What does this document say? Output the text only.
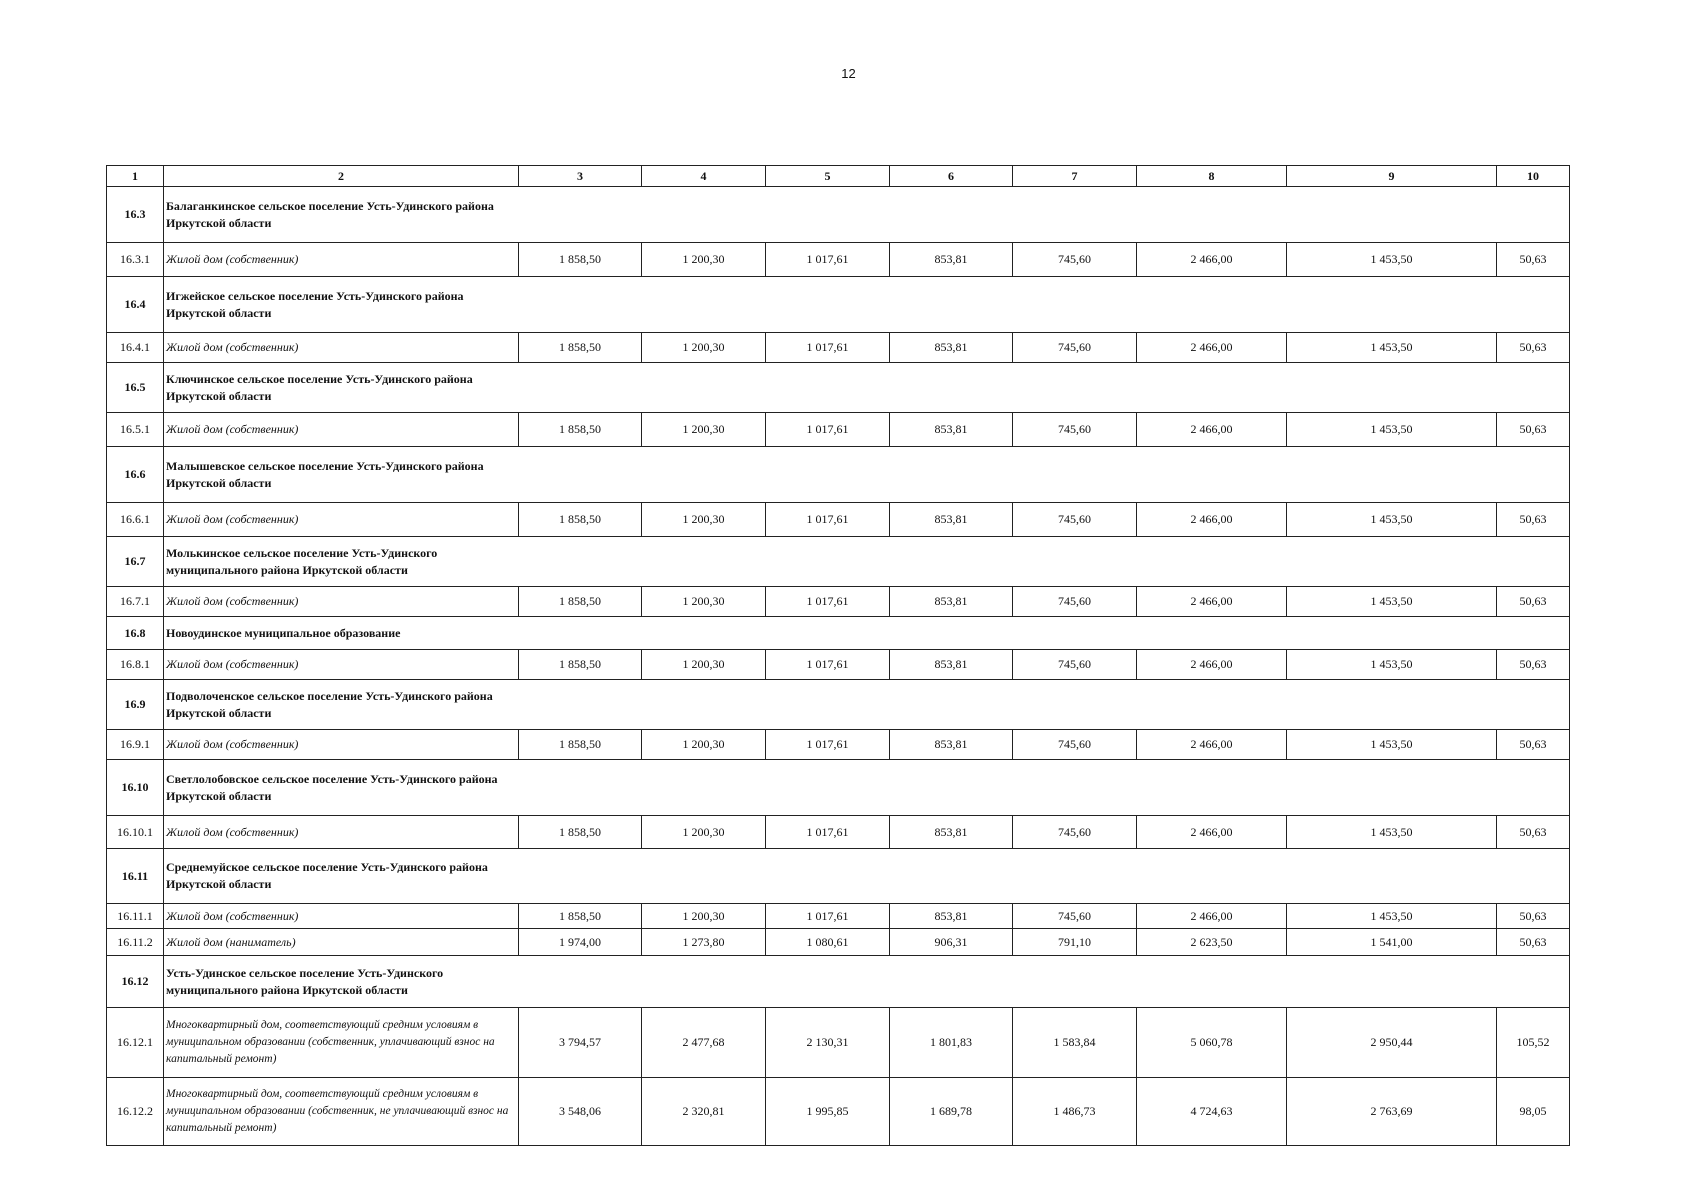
12
1	2	3	4	5	6	7	8	9	10
16.3	Балаганкинское сельское поселение Усть-Удинского района Иркутской области								
16.3.1	Жилой дом (собственник)	1 858,50	1 200,30	1 017,61	853,81	745,60	2 466,00	1 453,50	50,63
16.4	Игжейское сельское поселение Усть-Удинского района Иркутской области								
16.4.1	Жилой дом (собственник)	1 858,50	1 200,30	1 017,61	853,81	745,60	2 466,00	1 453,50	50,63
16.5	Ключинское сельское поселение Усть-Удинского района Иркутской области								
16.5.1	Жилой дом (собственник)	1 858,50	1 200,30	1 017,61	853,81	745,60	2 466,00	1 453,50	50,63
16.6	Малышевское сельское поселение Усть-Удинского района Иркутской области								
16.6.1	Жилой дом (собственник)	1 858,50	1 200,30	1 017,61	853,81	745,60	2 466,00	1 453,50	50,63
16.7	Молькинское сельское поселение Усть-Удинского муниципального района Иркутской области								
16.7.1	Жилой дом (собственник)	1 858,50	1 200,30	1 017,61	853,81	745,60	2 466,00	1 453,50	50,63
16.8	Новоудинское муниципальное образование								
16.8.1	Жилой дом (собственник)	1 858,50	1 200,30	1 017,61	853,81	745,60	2 466,00	1 453,50	50,63
16.9	Подволоченское сельское поселение Усть-Удинского района Иркутской области								
16.9.1	Жилой дом (собственник)	1 858,50	1 200,30	1 017,61	853,81	745,60	2 466,00	1 453,50	50,63
16.10	Светлолобовское сельское поселение Усть-Удинского района Иркутской области								
16.10.1	Жилой дом (собственник)	1 858,50	1 200,30	1 017,61	853,81	745,60	2 466,00	1 453,50	50,63
16.11	Среднемуйское сельское поселение Усть-Удинского района Иркутской области								
16.11.1	Жилой дом (собственник)	1 858,50	1 200,30	1 017,61	853,81	745,60	2 466,00	1 453,50	50,63
16.11.2	Жилой дом (наниматель)	1 974,00	1 273,80	1 080,61	906,31	791,10	2 623,50	1 541,00	50,63
16.12	Усть-Удинское сельское поселение Усть-Удинского муниципального района Иркутской области								
16.12.1	Многоквартирный дом, соответствующий средним условиям в муниципальном образовании (собственник, уплачивающий взнос на капитальный ремонт)	3 794,57	2 477,68	2 130,31	1 801,83	1 583,84	5 060,78	2 950,44	105,52
16.12.2	Многоквартирный дом, соответствующий средним условиям в муниципальном образовании (собственник, не уплачивающий взнос на капитальный ремонт)	3 548,06	2 320,81	1 995,85	1 689,78	1 486,73	4 724,63	2 763,69	98,05
